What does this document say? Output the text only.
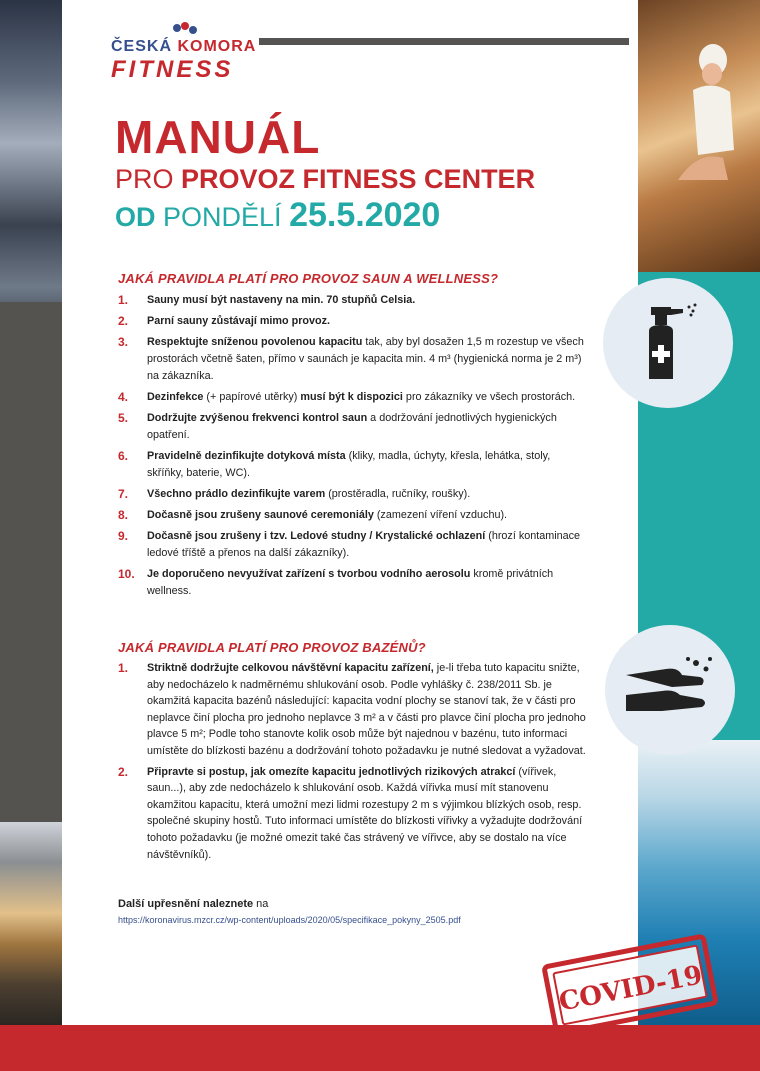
ČESKÁ KOMORA
FITNESS
MANUÁL
PRO PROVOZ FITNESS CENTER
OD PONDĚLÍ 25.5.2020
JAKÁ PRAVIDLA PLATÍ PRO PROVOZ SAUN A WELLNESS?
1. Sauny musí být nastaveny na min. 70 stupňů Celsia.
2. Parní sauny zůstávají mimo provoz.
3. Respektujte sníženou povolenou kapacitu tak, aby byl dosažen 1,5 m rozestup ve všech prostorách včetně šaten, přímo v saunách je kapacita min. 4 m³ (hygienická norma je 2 m³) na zákazníka.
4. Dezinfekce (+ papírové utěrky) musí být k dispozici pro zákazníky ve všech prostorách.
5. Dodržujte zvýšenou frekvenci kontrol saun a dodržování jednotlivých hygienických opatření.
6. Pravidelně dezinfikujte dotyková místa (kliky, madla, úchyty, křesla, lehátka, stoly, skříňky, baterie, WC).
7. Všechno prádlo dezinfikujte varem (prostěradla, ručníky, roušky).
8. Dočasně jsou zrušeny saunové ceremoniály (zamezení víření vzduchu).
9. Dočasně jsou zrušeny i tzv. Ledové studny / Krystalické ochlazení (hrozí kontaminace ledové tříště a přenos na další zákazníky).
10. Je doporučeno nevyužívat zařízení s tvorbou vodního aerosolu kromě privátních wellness.
JAKÁ PRAVIDLA PLATÍ PRO PROVOZ BAZÉNŮ?
1. Striktně dodržujte celkovou návštěvní kapacitu zařízení, je-li třeba tuto kapacitu snižte, aby nedocházelo k nadměrnému shlukování osob. Podle vyhlášky č. 238/2011 Sb. je okamžitá kapacita bazénů následující: kapacita vodní plochy se stanoví tak, že v části pro neplavce činí plocha pro jednoho neplavce 3 m² a v části pro plavce činí plocha pro jednoho plavce 5 m²; Podle toho stanovte kolik osob může být najednou v bazénu, tuto informaci umístěte do blízkosti bazénu a dodržování tohoto požadavku je nutné sledovat a vyžadovat.
2. Připravte si postup, jak omezíte kapacitu jednotlivých rizikových atrakcí (vířivek, saun...), aby zde nedocházelo k shlukování osob. Každá vířivka musí mít stanovenu okamžitou kapacitu, která umožní mezi lidmi rozestupy 2 m s výjimkou blízkých osob, resp. společné skupiny hostů. Tuto informaci umístěte do blízkosti vířivky a vyžadujte dodržování tohoto požadavku (je možné omezit také čas strávený ve vířivce, aby se dostalo na více návštěvníků).
Další upřesnění naleznete na
https://koronavirus.mzcr.cz/wp-content/uploads/2020/05/specifikace_pokyny_2505.pdf
COVID-19
